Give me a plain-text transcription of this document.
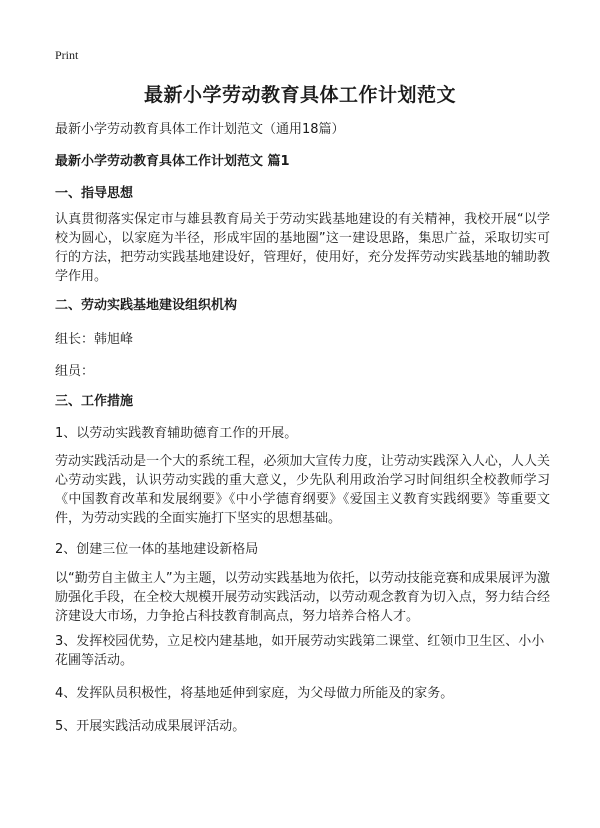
Print
最新小学劳动教育具体工作计划范文
最新小学劳动教育具体工作计划范文（通用18篇）
最新小学劳动教育具体工作计划范文 篇1
一、指导思想
认真贯彻落实保定市与雄县教育局关于劳动实践基地建设的有关精神，我校开展“以学校为圆心，以家庭为半径，形成牢固的基地圈”这一建设思路，集思广益，采取切实可行的方法，把劳动实践基地建设好，管理好，使用好，充分发挥劳动实践基地的辅助教学作用。
二、劳动实践基地建设组织机构
组长：韩旭峰
组员：
三、工作措施
1、以劳动实践教育辅助德育工作的开展。
劳动实践活动是一个大的系统工程，必须加大宣传力度，让劳动实践深入人心，人人关心劳动实践，认识劳动实践的重大意义，少先队利用政治学习时间组织全校教师学习《中国教育改革和发展纲要》《中小学德育纲要》《爱国主义教育实践纲要》等重要文件，为劳动实践的全面实施打下坚实的思想基础。
2、创建三位一体的基地建设新格局
以“勤劳自主做主人”为主题，以劳动实践基地为依托，以劳动技能竞赛和成果展评为激励强化手段，在全校大规模开展劳动实践活动，以劳动观念教育为切入点，努力结合经济建设大市场，力争抢占科技教育制高点，努力培养合格人才。
3、发挥校园优势，立足校内建基地，如开展劳动实践第二课堂、红领巾卫生区、小小花圃等活动。
4、发挥队员积极性，将基地延伸到家庭，为父母做力所能及的家务。
5、开展实践活动成果展评活动。
